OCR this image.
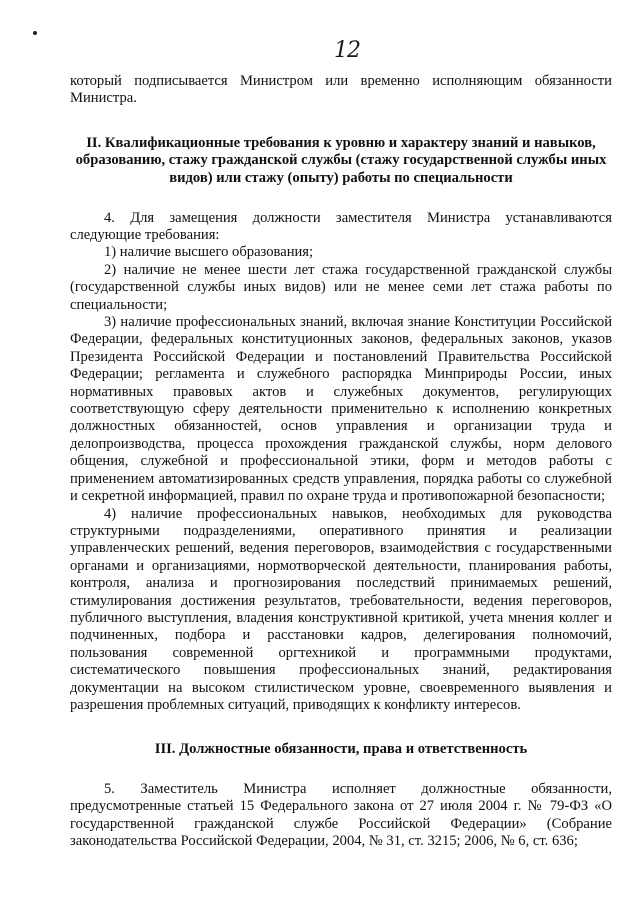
12

который подписывается Министром или временно исполняющим обязанности Министра.

II. Квалификационные требования к уровню и характеру знаний и навыков, образованию, стажу гражданской службы (стажу государственной службы иных видов) или стажу (опыту) работы по специальности

4. Для замещения должности заместителя Министра устанавливаются следующие требования:

1) наличие высшего образования;

2) наличие не менее шести лет стажа государственной гражданской службы (государственной службы иных видов) или не менее семи лет стажа работы по специальности;

3) наличие профессиональных знаний, включая знание Конституции Российской Федерации, федеральных конституционных законов, федеральных законов, указов Президента Российской Федерации и постановлений Правительства Российской Федерации; регламента и служебного распорядка Минприроды России, иных нормативных правовых актов и служебных документов, регулирующих соответствующую сферу деятельности применительно к исполнению конкретных должностных обязанностей, основ управления и организации труда и делопроизводства, процесса прохождения гражданской службы, норм делового общения, служебной и профессиональной этики, форм и методов работы с применением автоматизированных средств управления, порядка работы со служебной и секретной информацией, правил по охране труда и противопожарной безопасности;

4) наличие профессиональных навыков, необходимых для руководства структурными подразделениями, оперативного принятия и реализации управленческих решений, ведения переговоров, взаимодействия с государственными органами и организациями, нормотворческой деятельности, планирования работы, контроля, анализа и прогнозирования последствий принимаемых решений, стимулирования достижения результатов, требовательности, ведения переговоров, публичного выступления, владения конструктивной критикой, учета мнения коллег и подчиненных, подбора и расстановки кадров, делегирования полномочий, пользования современной оргтехникой и программными продуктами, систематического повышения профессиональных знаний, редактирования документации на высоком стилистическом уровне, своевременного выявления и разрешения проблемных ситуаций, приводящих к конфликту интересов.

III. Должностные обязанности, права и ответственность

5. Заместитель Министра исполняет должностные обязанности, предусмотренные статьей 15 Федерального закона от 27 июля 2004 г. № 79-ФЗ «О государственной гражданской службе Российской Федерации» (Собрание законодательства Российской Федерации, 2004, № 31, ст. 3215; 2006, № 6, ст. 636;
